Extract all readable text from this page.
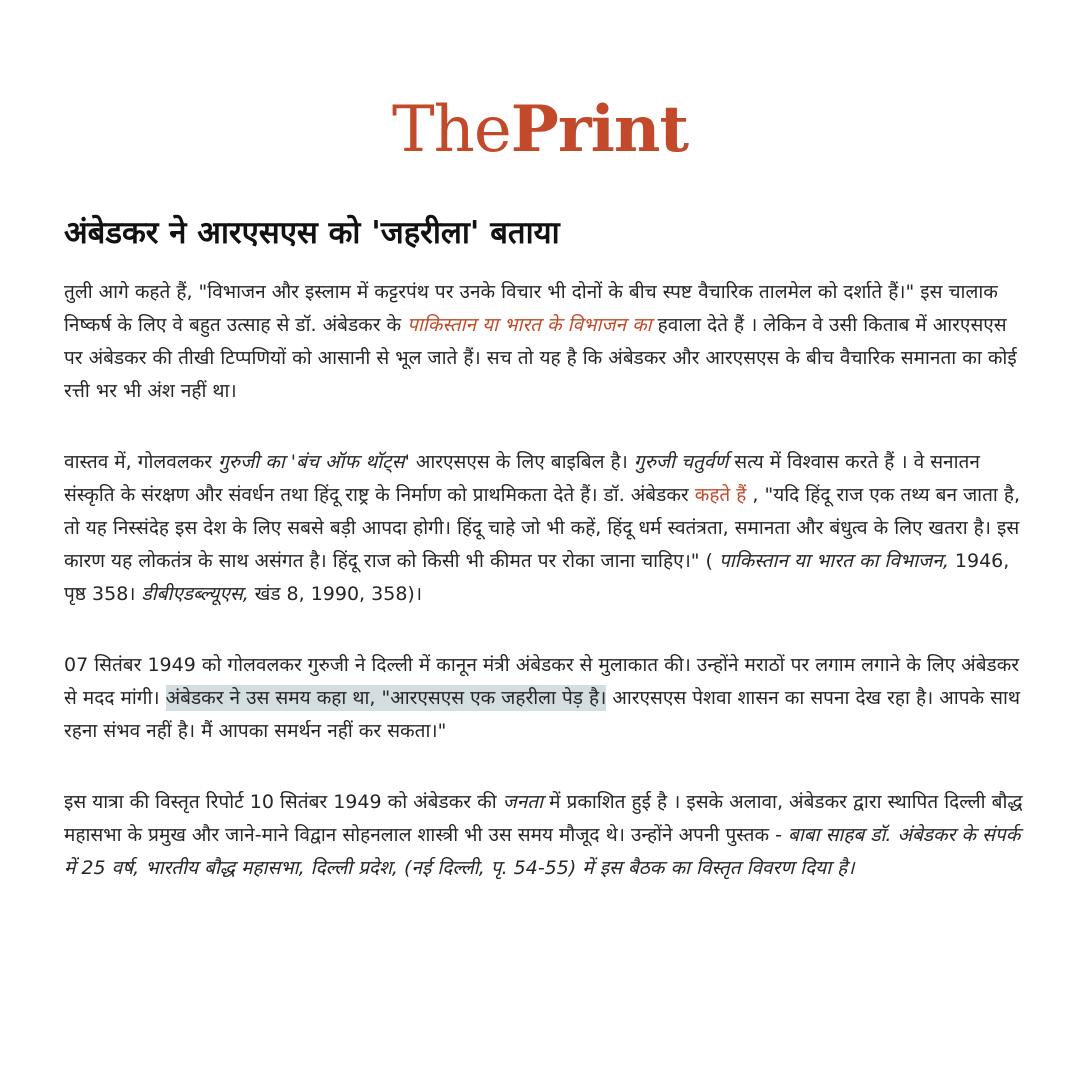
ThePrint
अंबेडकर ने आरएसएस को 'जहरीला' बताया

तुली आगे कहते हैं, "विभाजन और इस्लाम में कट्टरपंथ पर उनके विचार भी दोनों के बीच स्पष्ट वैचारिक तालमेल को दर्शाते हैं।" इस चालाक निष्कर्ष के लिए वे बहुत उत्साह से डॉ. अंबेडकर के पाकिस्तान या भारत के विभाजन का हवाला देते हैं । लेकिन वे उसी किताब में आरएसएस पर अंबेडकर की तीखी टिप्पणियों को आसानी से भूल जाते हैं। सच तो यह है कि अंबेडकर और आरएसएस के बीच वैचारिक समानता का कोई रत्ती भर भी अंश नहीं था।

वास्तव में, गोलवलकर गुरुजी का 'बंच ऑफ थॉट्स' आरएसएस के लिए बाइबिल है। गुरुजी चतुर्वर्ण सत्य में विश्वास करते हैं । वे सनातन संस्कृति के संरक्षण और संवर्धन तथा हिंदू राष्ट्र के निर्माण को प्राथमिकता देते हैं। डॉ. अंबेडकर कहते हैं , "यदि हिंदू राज एक तथ्य बन जाता है, तो यह निस्संदेह इस देश के लिए सबसे बड़ी आपदा होगी। हिंदू चाहे जो भी कहें, हिंदू धर्म स्वतंत्रता, समानता और बंधुत्व के लिए खतरा है। इस कारण यह लोकतंत्र के साथ असंगत है। हिंदू राज को किसी भी कीमत पर रोका जाना चाहिए।" ( पाकिस्तान या भारत का विभाजन, 1946, पृष्ठ 358। डीबीएडब्ल्यूएस, खंड 8, 1990, 358)।

07 सितंबर 1949 को गोलवलकर गुरुजी ने दिल्ली में कानून मंत्री अंबेडकर से मुलाकात की। उन्होंने मराठों पर लगाम लगाने के लिए अंबेडकर से मदद मांगी। अंबेडकर ने उस समय कहा था, "आरएसएस एक जहरीला पेड़ है। आरएसएस पेशवा शासन का सपना देख रहा है। आपके साथ रहना संभव नहीं है। मैं आपका समर्थन नहीं कर सकता।"

इस यात्रा की विस्तृत रिपोर्ट 10 सितंबर 1949 को अंबेडकर की जनता में प्रकाशित हुई है । इसके अलावा, अंबेडकर द्वारा स्थापित दिल्ली बौद्ध महासभा के प्रमुख और जाने-माने विद्वान सोहनलाल शास्त्री भी उस समय मौजूद थे। उन्होंने अपनी पुस्तक - बाबा साहब डॉ. अंबेडकर के संपर्क में 25 वर्ष, भारतीय बौद्ध महासभा, दिल्ली प्रदेश, (नई दिल्ली, पृ. 54-55) में इस बैठक का विस्तृत विवरण दिया है।
